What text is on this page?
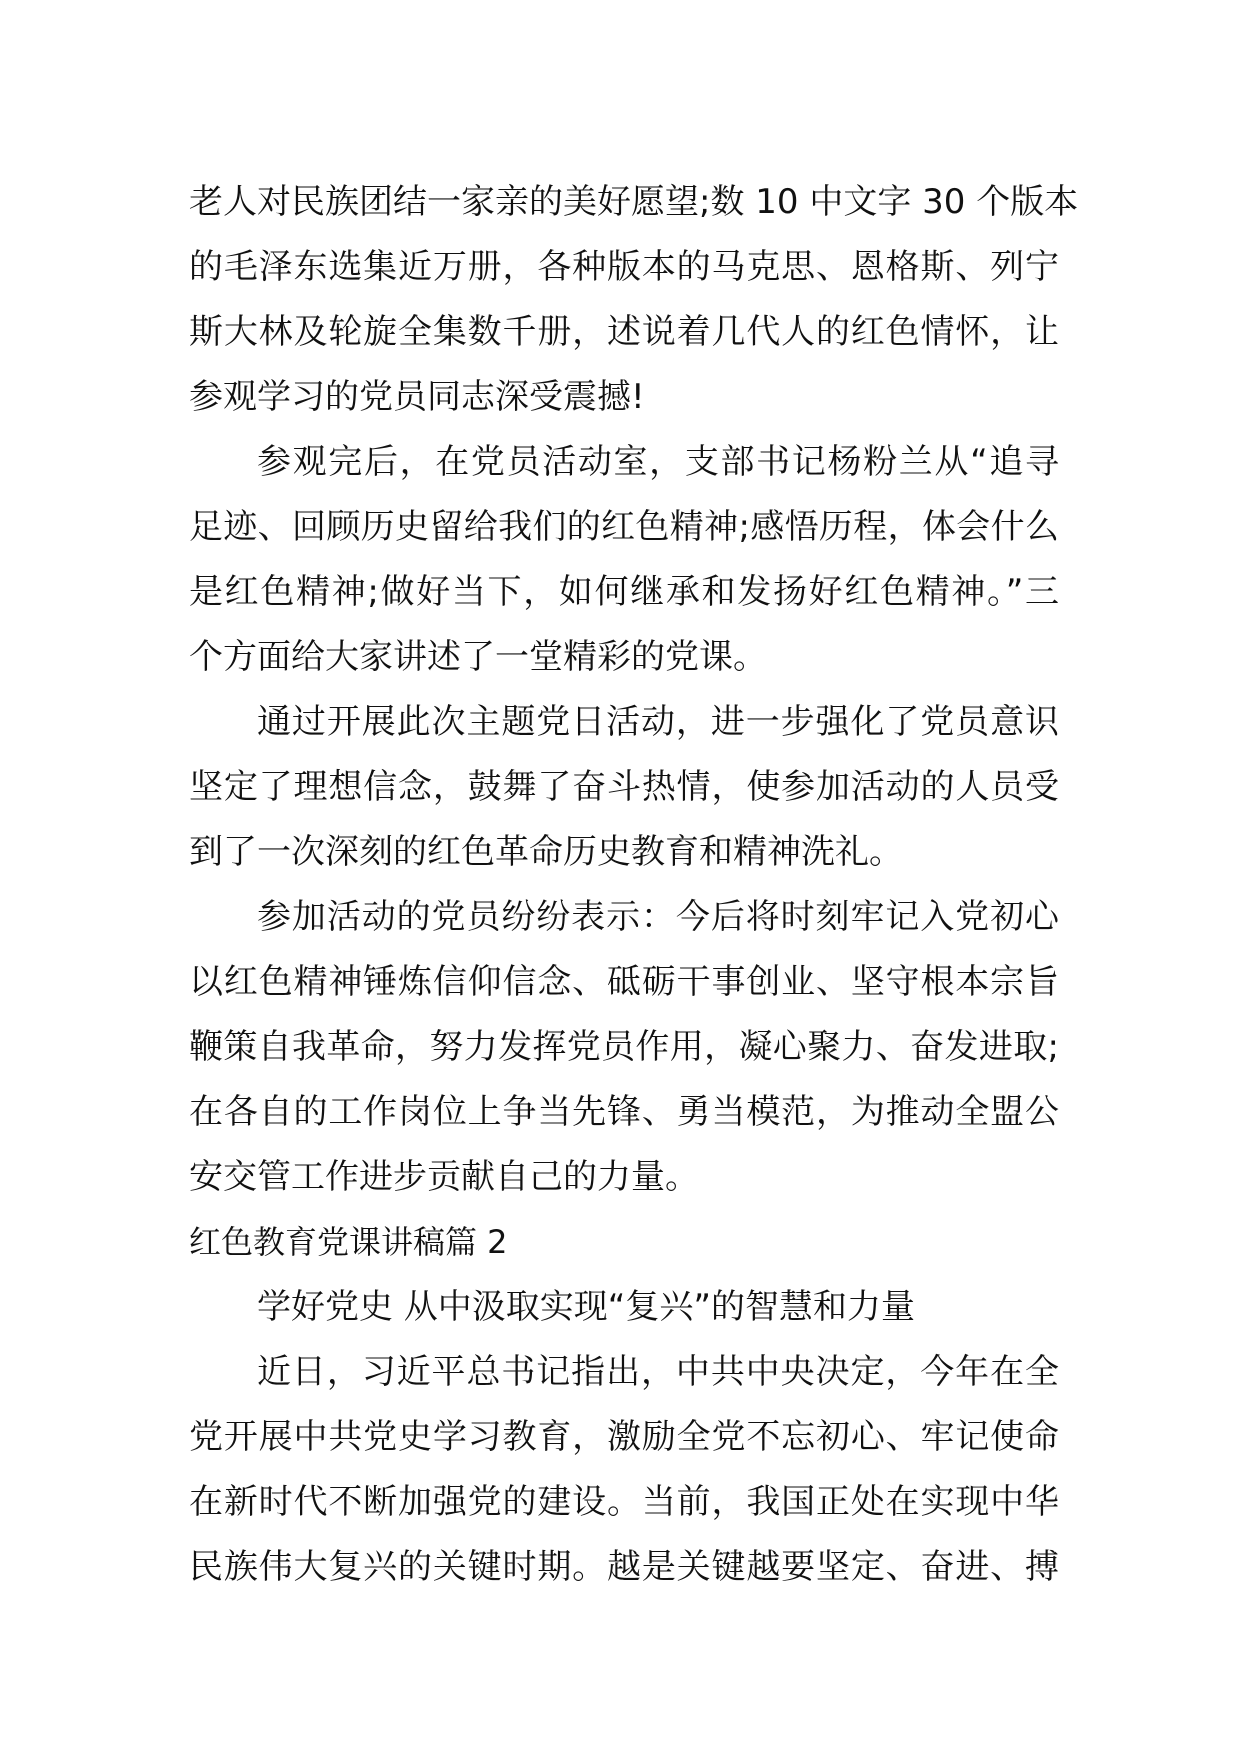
老人对民族团结一家亲的美好愿望;数 10 中文字 30 个版本
的毛泽东选集近万册，各种版本的马克思、恩格斯、列宁
斯大林及轮旋全集数千册，述说着几代人的红色情怀，让
参观学习的党员同志深受震撼!
参观完后，在党员活动室，支部书记杨粉兰从“追寻
足迹、回顾历史留给我们的红色精神;感悟历程，体会什么
是红色精神;做好当下，如何继承和发扬好红色精神。”三
个方面给大家讲述了一堂精彩的党课。
通过开展此次主题党日活动，进一步强化了党员意识
坚定了理想信念，鼓舞了奋斗热情，使参加活动的人员受
到了一次深刻的红色革命历史教育和精神洗礼。
参加活动的党员纷纷表示：今后将时刻牢记入党初心
以红色精神锤炼信仰信念、砥砺干事创业、坚守根本宗旨
鞭策自我革命，努力发挥党员作用，凝心聚力、奋发进取;
在各自的工作岗位上争当先锋、勇当模范，为推动全盟公
安交管工作进步贡献自己的力量。
红色教育党课讲稿篇 2
学好党史 从中汲取实现“复兴”的智慧和力量
近日，习近平总书记指出，中共中央决定，今年在全
党开展中共党史学习教育，激励全党不忘初心、牢记使命
在新时代不断加强党的建设。当前，我国正处在实现中华
民族伟大复兴的关键时期。越是关键越要坚定、奋进、搏
